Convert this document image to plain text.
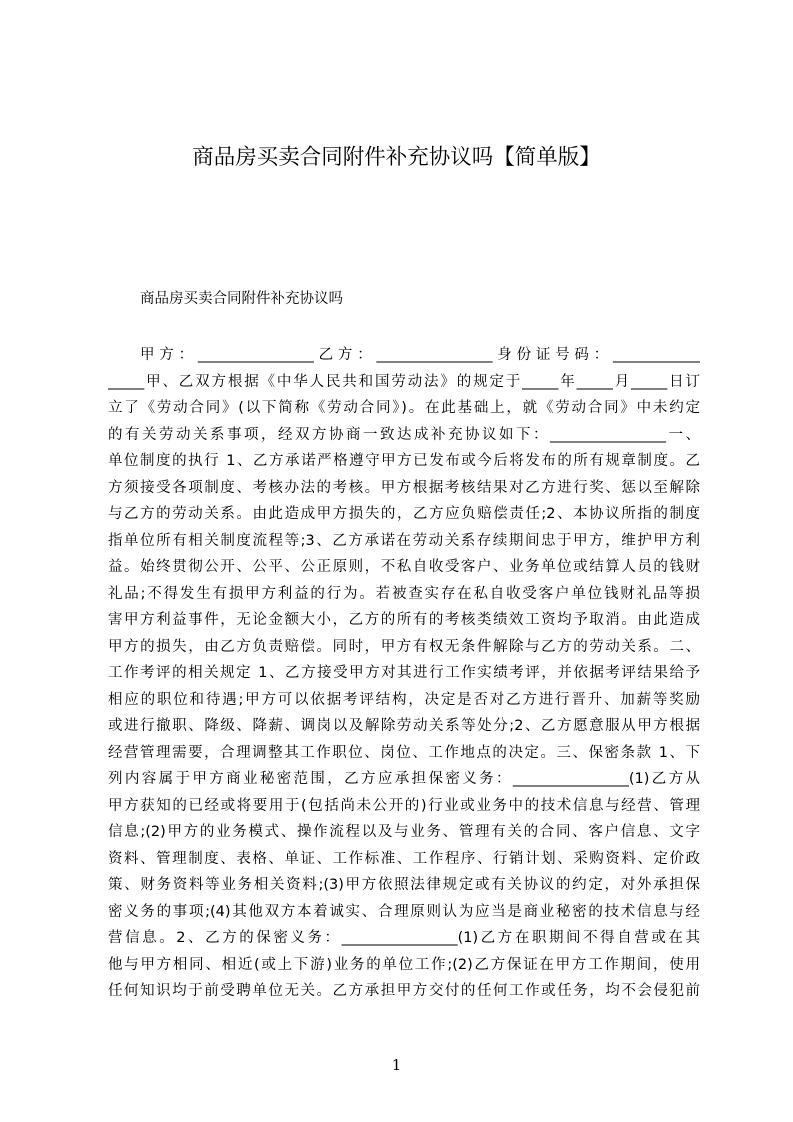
商品房买卖合同附件补充协议吗【简单版】
商品房买卖合同附件补充协议吗
甲方：________________乙方：________________身份证号码：____________
_____甲、乙双方根据《中华人民共和国劳动法》的规定于_____年_____月_____日订
立了《劳动合同》(以下简称《劳动合同》)。在此基础上，就《劳动合同》中未约定
的有关劳动关系事项，经双方协商一致达成补充协议如下：________________一、
单位制度的执行 1、乙方承诺严格遵守甲方已发布或今后将发布的所有规章制度。乙
方须接受各项制度、考核办法的考核。甲方根据考核结果对乙方进行奖、惩以至解除
与乙方的劳动关系。由此造成甲方损失的，乙方应负赔偿责任;2、本协议所指的制度
指单位所有相关制度流程等;3、乙方承诺在劳动关系存续期间忠于甲方，维护甲方利
益。始终贯彻公开、公平、公正原则，不私自收受客户、业务单位或结算人员的钱财
礼品;不得发生有损甲方利益的行为。若被查实存在私自收受客户单位钱财礼品等损
害甲方利益事件，无论金额大小，乙方的所有的考核类绩效工资均予取消。由此造成
甲方的损失，由乙方负责赔偿。同时，甲方有权无条件解除与乙方的劳动关系。二、
工作考评的相关规定 1、乙方接受甲方对其进行工作实绩考评，并依据考评结果给予
相应的职位和待遇;甲方可以依据考评结构，决定是否对乙方进行晋升、加薪等奖励
或进行撤职、降级、降薪、调岗以及解除劳动关系等处分;2、乙方愿意服从甲方根据
经营管理需要，合理调整其工作职位、岗位、工作地点的决定。三、保密条款 1、下
列内容属于甲方商业秘密范围，乙方应承担保密义务：________________(1)乙方从
甲方获知的已经或将要用于(包括尚未公开的)行业或业务中的技术信息与经营、管理
信息;(2)甲方的业务模式、操作流程以及与业务、管理有关的合同、客户信息、文字
资料、管理制度、表格、单证、工作标准、工作程序、行销计划、采购资料、定价政
策、财务资料等业务相关资料;(3)甲方依照法律规定或有关协议的约定，对外承担保
密义务的事项;(4)其他双方本着诚实、合理原则认为应当是商业秘密的技术信息与经
营信息。2、乙方的保密义务：________________(1)乙方在职期间不得自营或在其
他与甲方相同、相近(或上下游)业务的单位工作;(2)乙方保证在甲方工作期间，使用
任何知识均于前受聘单位无关。乙方承担甲方交付的任何工作或任务，均不会侵犯前
1
